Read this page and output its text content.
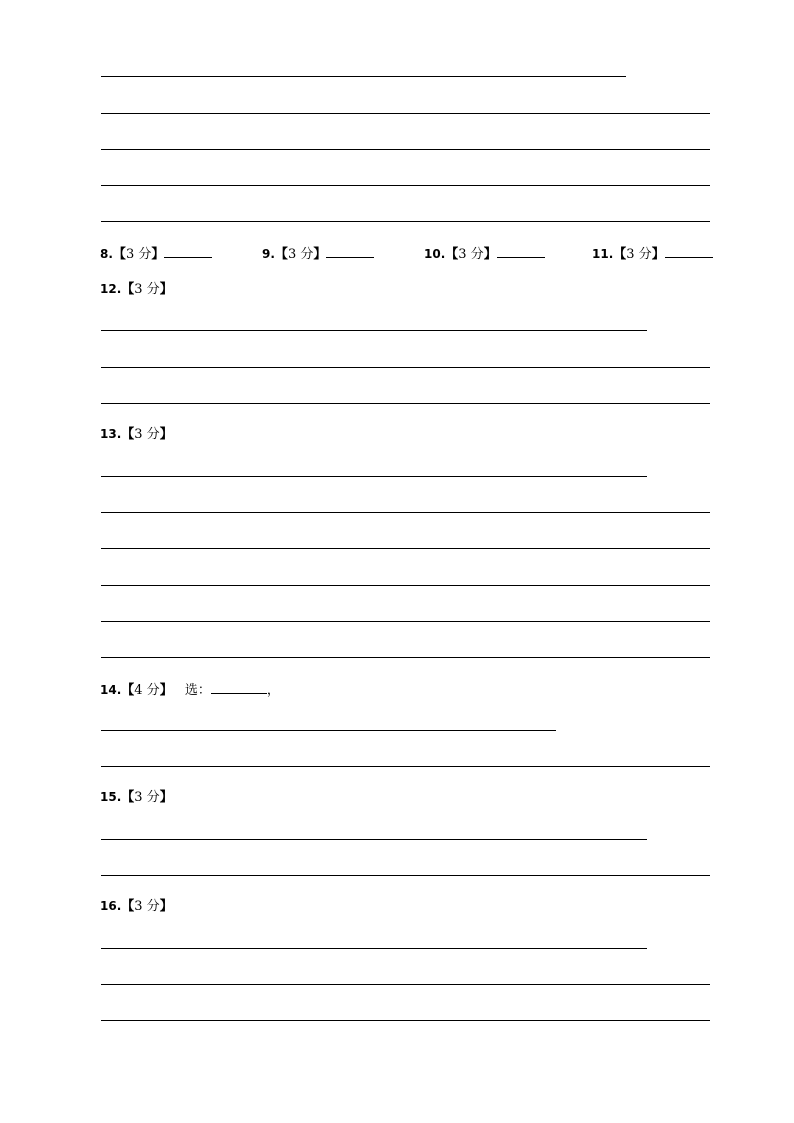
8.【3 分】	9.【3 分】	10.【3 分】	11.【3 分】
12.【3 分】
13.【3 分】
14.【4 分】 选：	，
15.【3 分】
16.【3 分】
